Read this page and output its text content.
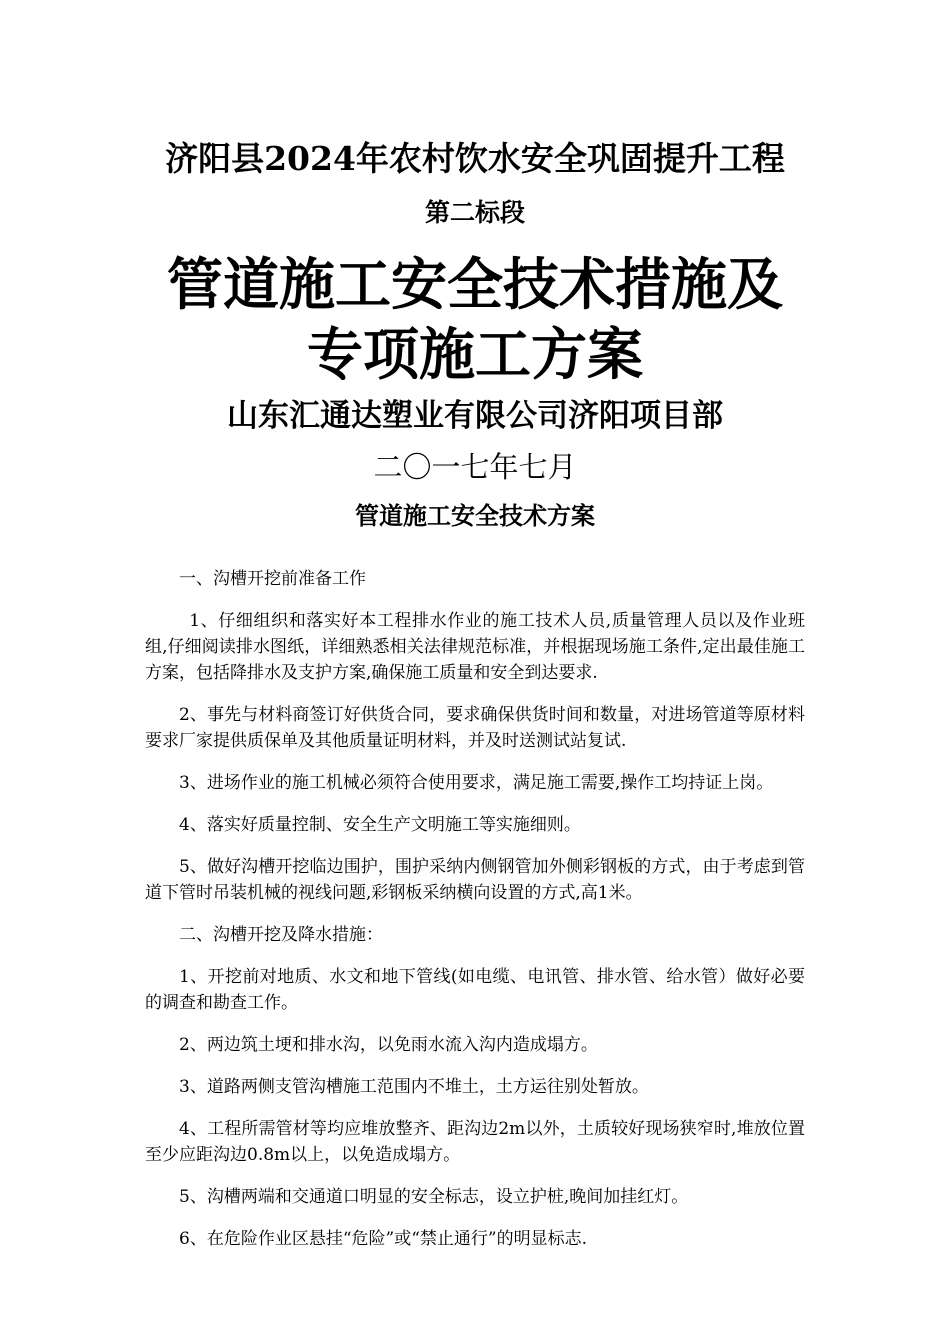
济阳县2024年农村饮水安全巩固提升工程
第二标段
管道施工安全技术措施及
专项施工方案
山东汇通达塑业有限公司济阳项目部
二〇一七年七月
管道施工安全技术方案

一、沟槽开挖前准备工作

1、仔细组织和落实好本工程排水作业的施工技术人员,质量管理人员以及作业班组,仔细阅读排水图纸，详细熟悉相关法律规范标准，并根据现场施工条件,定出最佳施工方案，包括降排水及支护方案,确保施工质量和安全到达要求.

2、事先与材料商签订好供货合同，要求确保供货时间和数量，对进场管道等原材料要求厂家提供质保单及其他质量证明材料，并及时送测试站复试.

3、进场作业的施工机械必须符合使用要求，满足施工需要,操作工均持证上岗。

4、落实好质量控制、安全生产文明施工等实施细则。

5、做好沟槽开挖临边围护，围护采纳内侧钢管加外侧彩钢板的方式，由于考虑到管道下管时吊装机械的视线问题,彩钢板采纳横向设置的方式,高1米。

二、沟槽开挖及降水措施：

1、开挖前对地质、水文和地下管线(如电缆、电讯管、排水管、给水管）做好必要的调查和勘查工作。

2、两边筑土埂和排水沟，以免雨水流入沟内造成塌方。

3、道路两侧支管沟槽施工范围内不堆土，土方运往别处暂放。

4、工程所需管材等均应堆放整齐、距沟边2m以外，土质较好现场狭窄时,堆放位置至少应距沟边0.8m以上，以免造成塌方。

5、沟槽两端和交通道口明显的安全标志，设立护桩,晚间加挂红灯。

6、在危险作业区悬挂“危险”或“禁止通行”的明显标志.
